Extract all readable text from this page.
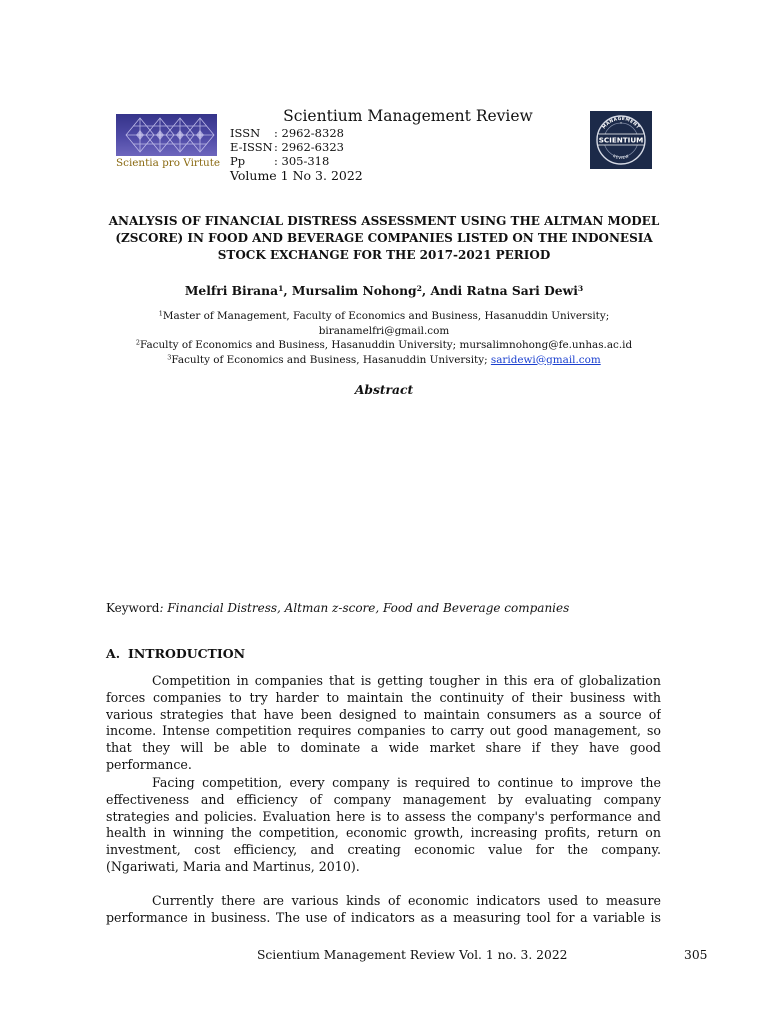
Scientia pro Virtute
Scientium Management Review
ISSN : 2962-8328
E-ISSN: 2962-6323
Pp	: 305-318
Volume 1 No 3. 2022
MANAGEMENT
SCIENTIUM
REVIEW
✦
ANALYSIS OF FINANCIAL DISTRESS ASSESSMENT USING THE ALTMAN MODEL
(ZSCORE) IN FOOD AND BEVERAGE COMPANIES LISTED ON THE INDONESIA
STOCK EXCHANGE FOR THE 2017-2021 PERIOD
Melfri Birana$^1$, Mursalim Nohong$^2$, Andi Ratna Sari Dewi$^3$
$^1$Master of Management, Faculty of Economics and Business, Hasanuddin University;
biranamelfri@gmail.com
$^2$Faculty of Economics and Business, Hasanuddin University; mursalimnohong@fe.unhas.ac.id
$^3$Faculty of Economics and Business, Hasanuddin University; saridewi@gmail.com
Abstract
Keyword: Financial Distress, Altman z-score, Food and Beverage companies
A. INTRODUCTION
Competition in companies that is getting tougher in this era of globalization
forces companies to try harder to maintain the continuity of their business with
various strategies that have been designed to maintain consumers as a source of
income. Intense competition requires companies to carry out good management, so
that they will be able to dominate a wide market share if they have good
performance.
Facing competition, every company is required to continue to improve the
effectiveness and efficiency of company management by evaluating company
strategies and policies. Evaluation here is to assess the company's performance and
health in winning the competition, economic growth, increasing profits, return on
investment, cost efficiency, and creating economic value for the company.
(Ngariwati, Maria and Martinus, 2010).
Currently there are various kinds of economic indicators used to measure
performance in business. The use of indicators as a measuring tool for a variable is
Scientium Management Review Vol. 1 no. 3. 2022	305
